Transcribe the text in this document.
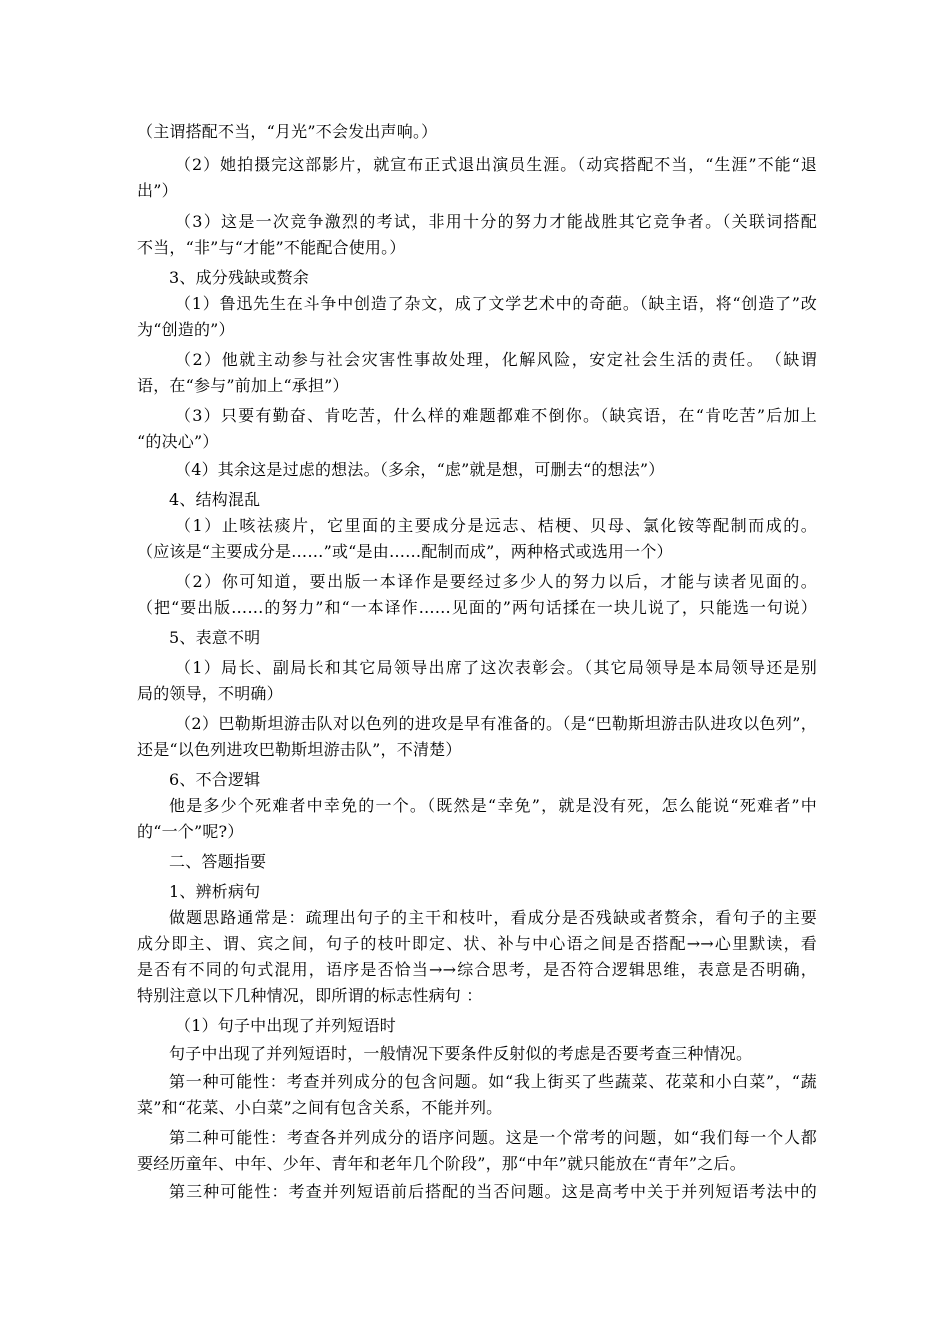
（主谓搭配不当，“月光”不会发出声响。）
（2）她拍摄完这部影片，就宣布正式退出演员生涯。（动宾搭配不当，“生涯”不能“退
出”）
（3）这是一次竞争激烈的考试，非用十分的努力才能战胜其它竞争者。（关联词搭配
不当，“非”与“才能”不能配合使用。）
3、成分残缺或赘余
（1）鲁迅先生在斗争中创造了杂文，成了文学艺术中的奇葩。（缺主语，将“创造了”改
为“创造的”）
（2）他就主动参与社会灾害性事故处理，化解风险，安定社会生活的责任。　（缺谓
语，在“参与”前加上“承担”）
（3）只要有勤奋、肯吃苦，什么样的难题都难不倒你。（缺宾语，在“肯吃苦”后加上
“的决心”）
（4）其余这是过虑的想法。（多余，“虑”就是想，可删去“的想法”）
4、结构混乱
（1）止咳祛痰片，它里面的主要成分是远志、桔梗、贝母、氯化铵等配制而成的。
（应该是“主要成分是……”或“是由……配制而成”，两种格式或选用一个）
（2）你可知道，要出版一本译作是要经过多少人的努力以后，才能与读者见面的。
（把“要出版……的努力”和“一本译作……见面的”两句话揉在一块儿说了，只能选一句说）
5、表意不明
（1）局长、副局长和其它局领导出席了这次表彰会。（其它局领导是本局领导还是别
局的领导，不明确）
（2）巴勒斯坦游击队对以色列的进攻是早有准备的。（是“巴勒斯坦游击队进攻以色列”，
还是“以色列进攻巴勒斯坦游击队”，不清楚）
6、不合逻辑
他是多少个死难者中幸免的一个。（既然是“幸免”，就是没有死，怎么能说“死难者”中
的“一个”呢?）
二、答题指要
1、辨析病句
做题思路通常是：疏理出句子的主干和枝叶，看成分是否残缺或者赘余，看句子的主要
成分即主、谓、宾之间，句子的枝叶即定、状、补与中心语之间是否搭配→→心里默读，看
是否有不同的句式混用，语序是否恰当→→综合思考，是否符合逻辑思维，表意是否明确，
特别注意以下几种情况，即所谓的标志性病句 ：
（1）句子中出现了并列短语时
句子中出现了并列短语时，一般情况下要条件反射似的考虑是否要考查三种情况。
第一种可能性：考查并列成分的包含问题。如“我上街买了些蔬菜、花菜和小白菜”，“蔬
菜”和“花菜、小白菜”之间有包含关系，不能并列。
第二种可能性：考查各并列成分的语序问题。这是一个常考的问题，如“我们每一个人都
要经历童年、中年、少年、青年和老年几个阶段”，那“中年”就只能放在“青年”之后。
第三种可能性：考查并列短语前后搭配的当否问题。这是高考中关于并列短语考法中的
